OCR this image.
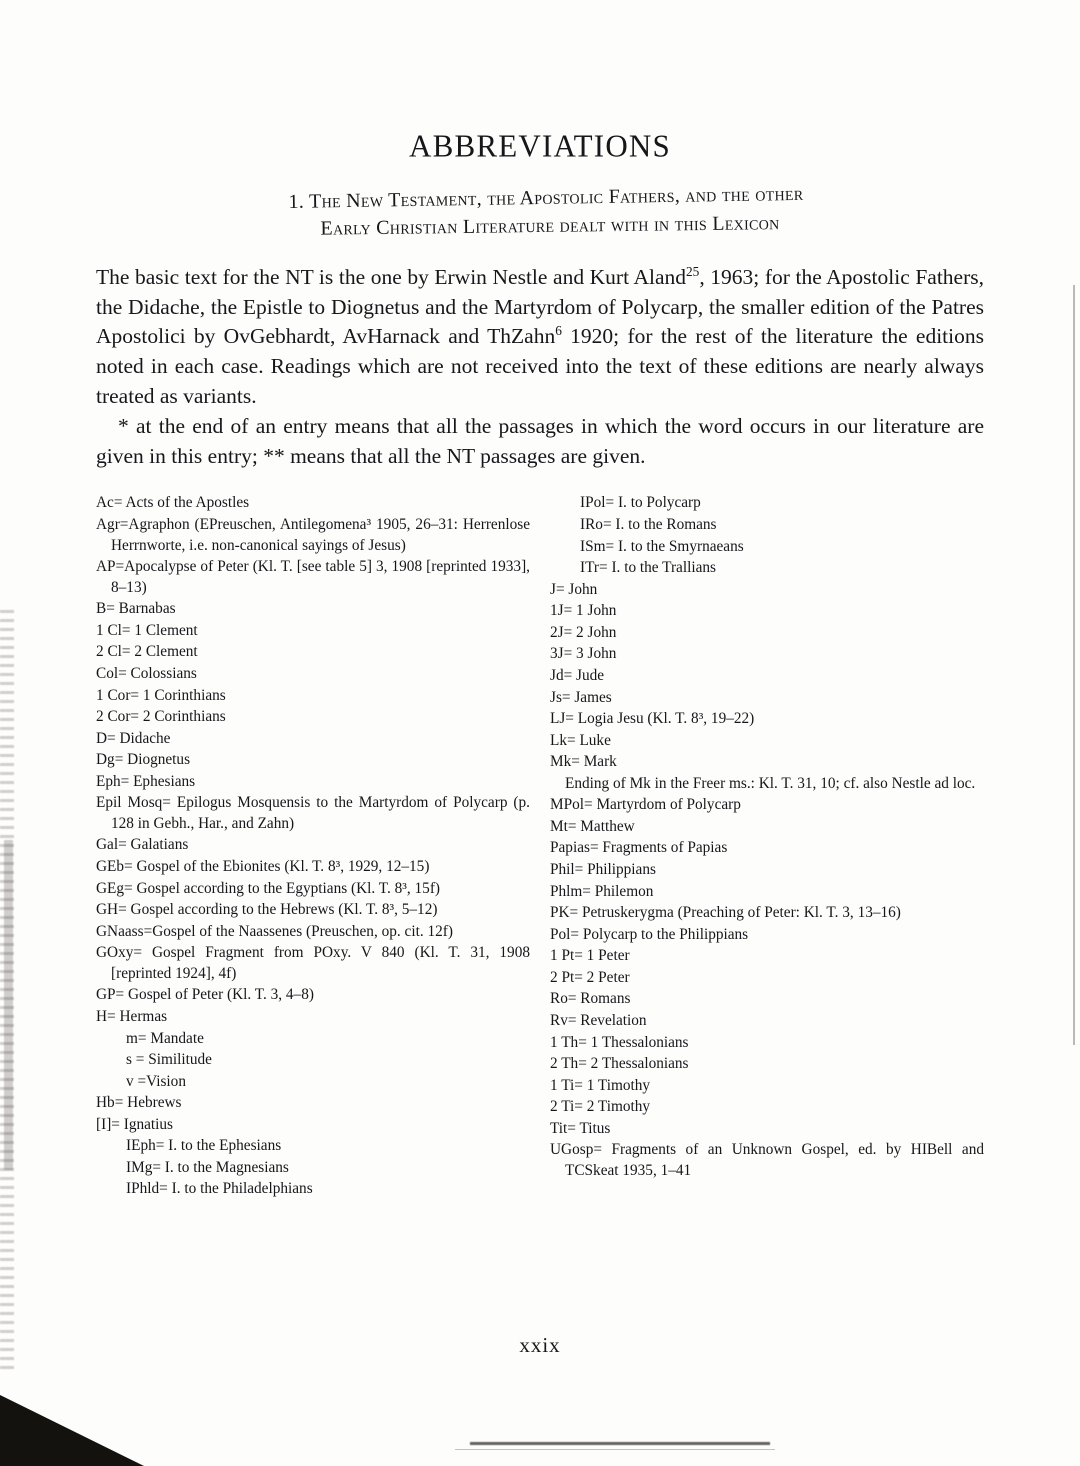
ABBREVIATIONS
1. The New Testament, the Apostolic Fathers, and the other
Early Christian Literature dealt with in this Lexicon

The basic text for the NT is the one by Erwin Nestle and Kurt Aland$^{25}$, 1963; for the Apostolic Fathers, the Didache, the Epistle to Diognetus and the Martyrdom of Polycarp, the smaller edition of the Patres Apostolici by OvGebhardt, AvHarnack and ThZahn$^6$ 1920; for the rest of the literature the editions noted in each case. Readings which are not received into the text of these editions are nearly always treated as variants.

* at the end of an entry means that all the passages in which the word occurs in our literature are given in this entry; ** means that all the NT passages are given.

Ac= Acts of the Apostles

Agr=Agraphon (EPreuschen, Antilegomena³ 1905, 26–31: Herrenlose Herrnworte, i.e. non-canonical sayings of Jesus)

AP=Apocalypse of Peter (Kl. T. [see table 5] 3, 1908 [reprinted 1933], 8–13)

B= Barnabas

1 Cl= 1 Clement

2 Cl= 2 Clement

Col= Colossians

1 Cor= 1 Corinthians

2 Cor= 2 Corinthians

D= Didache

Dg= Diognetus

Eph= Ephesians

Epil Mosq= Epilogus Mosquensis to the Martyrdom of Polycarp (p. 128 in Gebh., Har., and Zahn)

Gal= Galatians

GEb= Gospel of the Ebionites (Kl. T. 8³, 1929, 12–15)

GEg= Gospel according to the Egyptians (Kl. T. 8³, 15f)

GH= Gospel according to the Hebrews (Kl. T. 8³, 5–12)

GNaass=Gospel of the Naassenes (Preuschen, op. cit. 12f)

GOxy= Gospel Fragment from POxy. V 840 (Kl. T. 31, 1908 [reprinted 1924], 4f)

GP= Gospel of Peter (Kl. T. 3, 4–8)

H= Hermas

m= Mandate

s = Similitude

v =Vision

Hb= Hebrews

[I]= Ignatius

IEph= I. to the Ephesians

IMg= I. to the Magnesians

IPhld= I. to the Philadelphians

IPol= I. to Polycarp

IRo= I. to the Romans

ISm= I. to the Smyrnaeans

ITr= I. to the Trallians

J= John

1J= 1 John

2J= 2 John

3J= 3 John

Jd= Jude

Js= James

LJ= Logia Jesu (Kl. T. 8³, 19–22)

Lk= Luke

Mk= Mark

Ending of Mk in the Freer ms.: Kl. T. 31, 10; cf. also Nestle ad loc.

MPol= Martyrdom of Polycarp

Mt= Matthew

Papias= Fragments of Papias

Phil= Philippians

Phlm= Philemon

PK= Petruskerygma (Preaching of Peter: Kl. T. 3, 13–16)

Pol= Polycarp to the Philippians

1 Pt= 1 Peter

2 Pt= 2 Peter

Ro= Romans

Rv= Revelation

1 Th= 1 Thessalonians

2 Th= 2 Thessalonians

1 Ti= 1 Timothy

2 Ti= 2 Timothy

Tit= Titus

UGosp= Fragments of an Unknown Gospel, ed. by HIBell and TCSkeat 1935, 1–41

xxix
